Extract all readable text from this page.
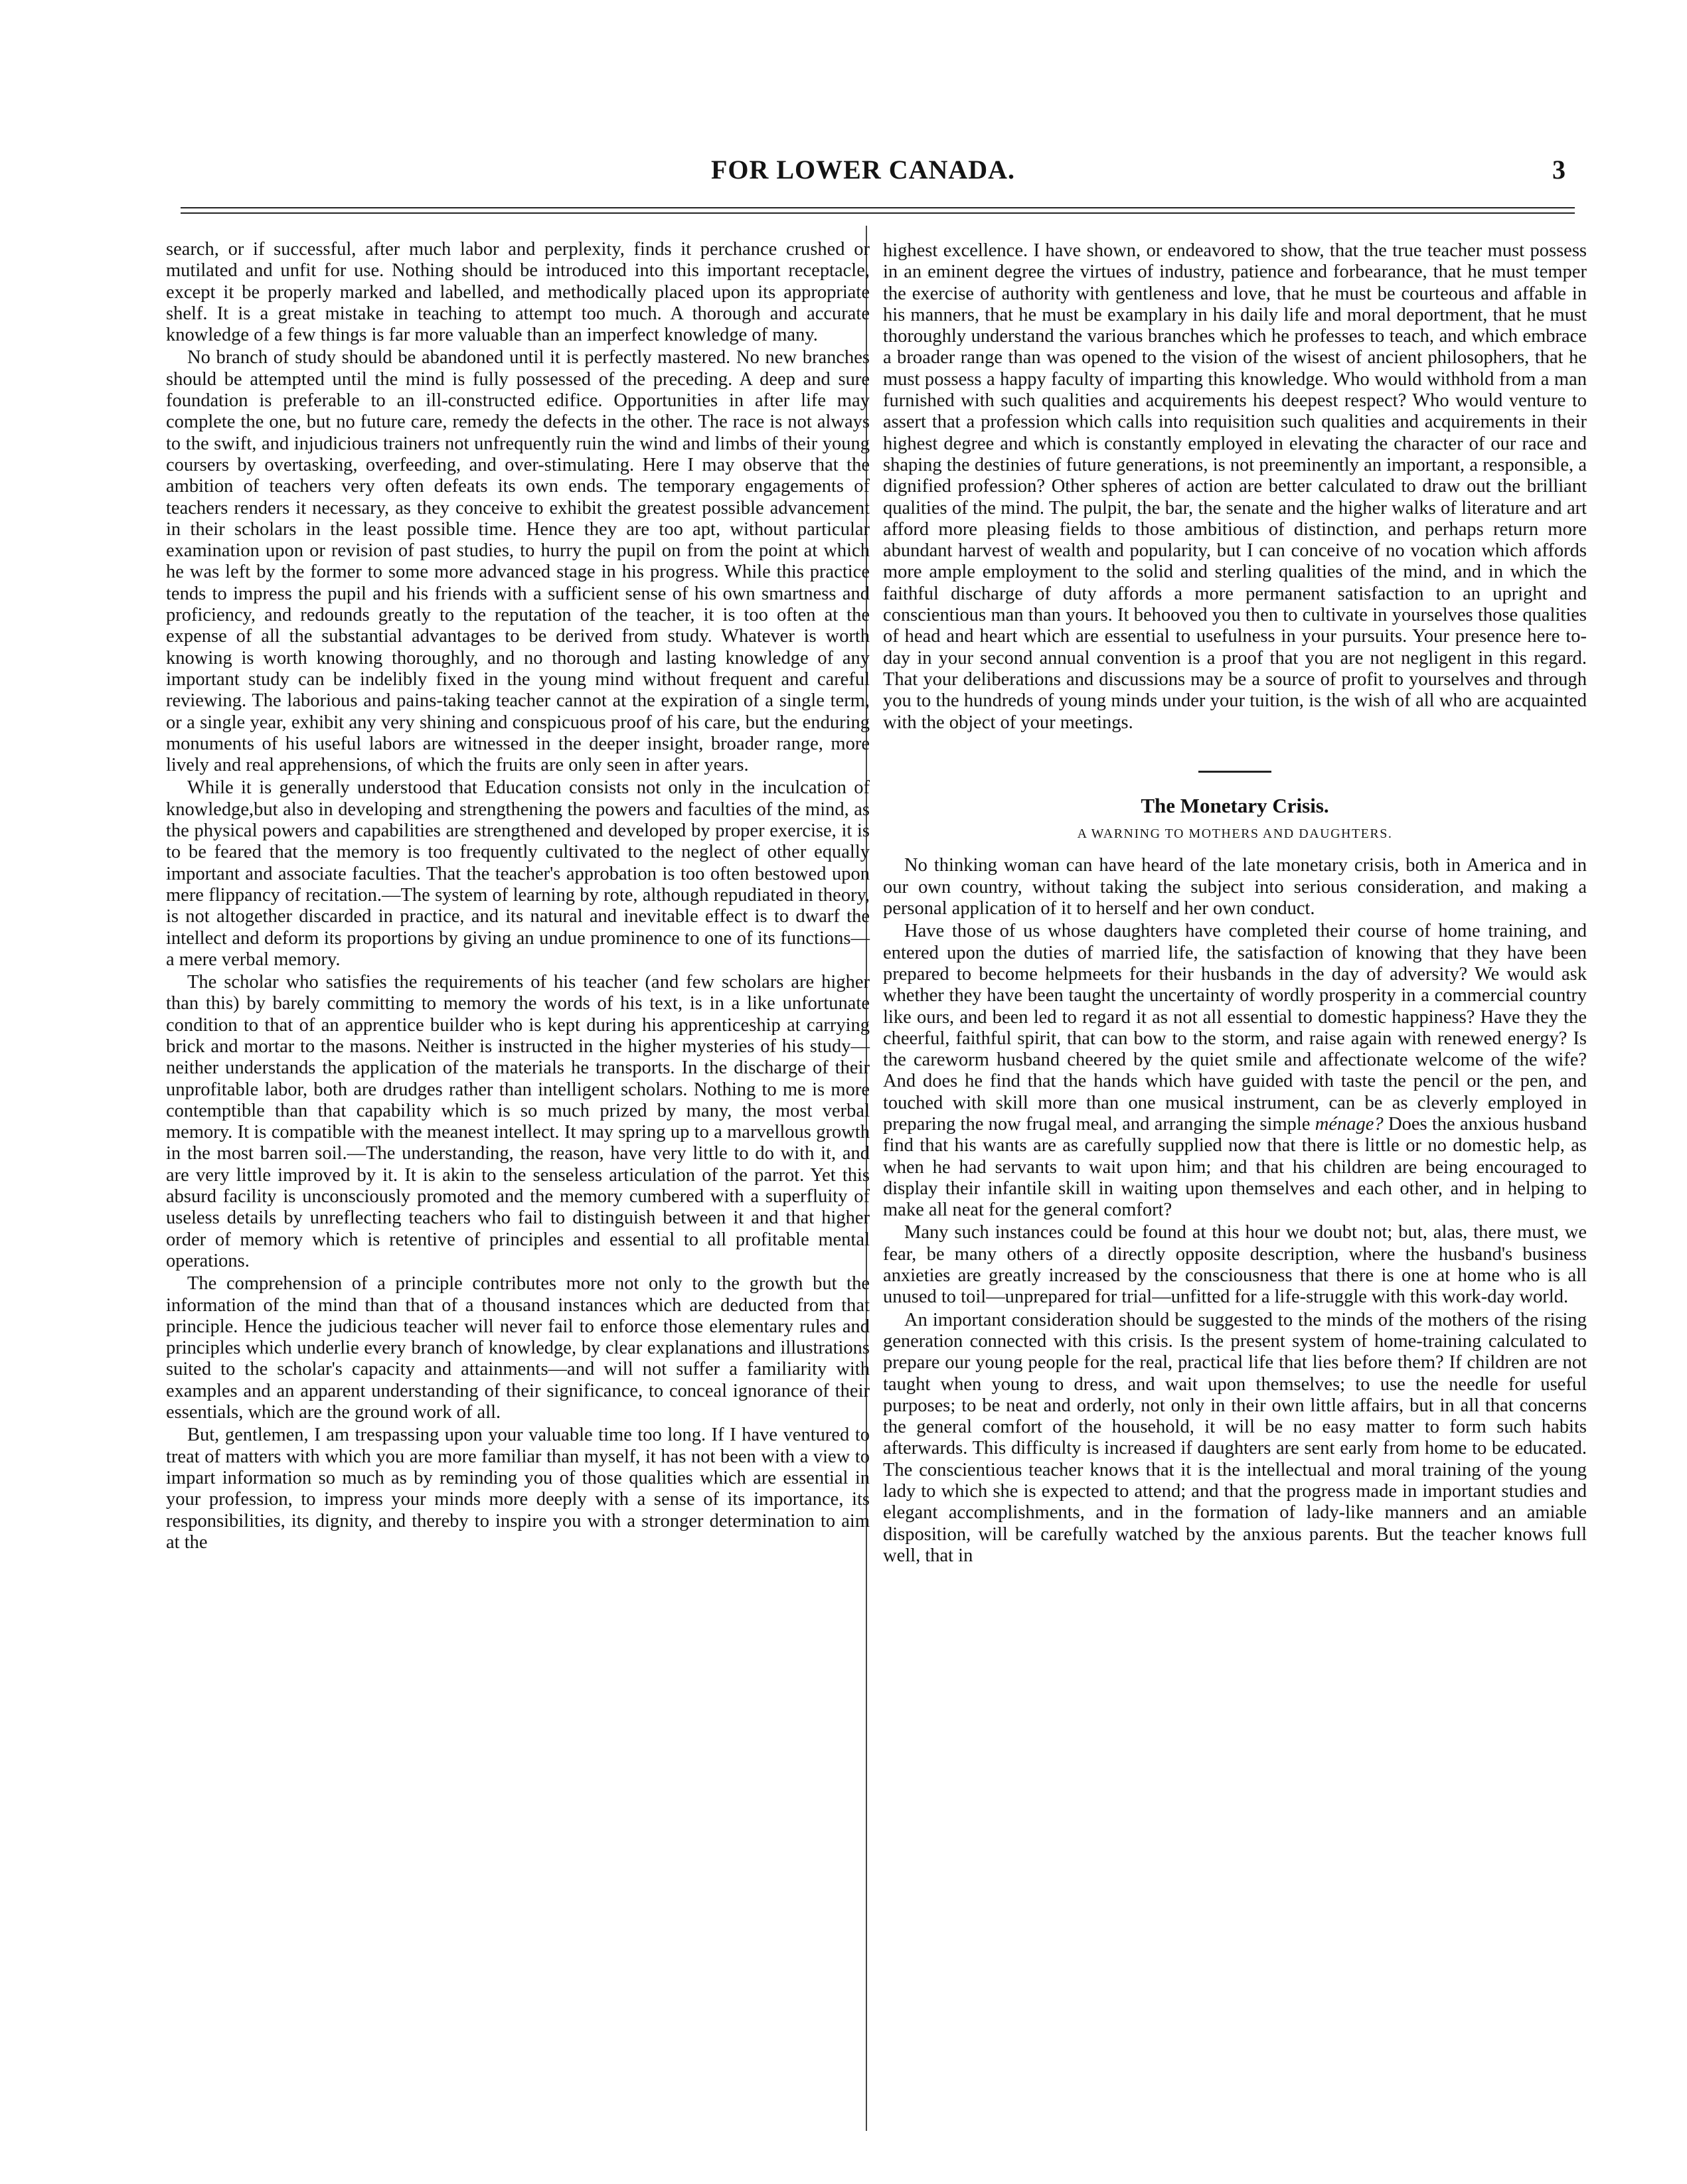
FOR LOWER CANADA.	3

search, or if successful, after much labor and perplexity, finds it perchance crushed or mutilated and unfit for use. Nothing should be introduced into this important receptacle, except it be properly marked and labelled, and methodically placed upon its appropriate shelf. It is a great mistake in teaching to attempt too much. A thorough and accurate knowledge of a few things is far more valuable than an imperfect knowledge of many.

No branch of study should be abandoned until it is perfectly mastered. No new branches should be attempted until the mind is fully possessed of the preceding. A deep and sure foundation is preferable to an ill-constructed edifice. Opportunities in after life may complete the one, but no future care, remedy the defects in the other. The race is not always to the swift, and injudicious trainers not unfrequently ruin the wind and limbs of their young coursers by overtasking, overfeeding, and over-stimulating. Here I may observe that the ambition of teachers very often defeats its own ends. The temporary engagements of teachers renders it necessary, as they conceive to exhibit the greatest possible advancement in their scholars in the least possible time. Hence they are too apt, without particular examination upon or revision of past studies, to hurry the pupil on from the point at which he was left by the former to some more advanced stage in his progress. While this practice tends to impress the pupil and his friends with a sufficient sense of his own smartness and proficiency, and redounds greatly to the reputation of the teacher, it is too often at the expense of all the substantial advantages to be derived from study. Whatever is worth knowing is worth knowing thoroughly, and no thorough and lasting knowledge of any important study can be indelibly fixed in the young mind without frequent and careful reviewing. The laborious and pains-taking teacher cannot at the expiration of a single term, or a single year, exhibit any very shining and conspicuous proof of his care, but the enduring monuments of his useful labors are witnessed in the deeper insight, broader range, more lively and real apprehensions, of which the fruits are only seen in after years.

While it is generally understood that Education consists not only in the inculcation of knowledge,but also in developing and strengthening the powers and faculties of the mind, as the physical powers and capabilities are strengthened and developed by proper exercise, it is to be feared that the memory is too frequently cultivated to the neglect of other equally important and associate faculties. That the teacher's approbation is too often bestowed upon mere flippancy of recitation.—The system of learning by rote, although repudiated in theory, is not altogether discarded in practice, and its natural and inevitable effect is to dwarf the intellect and deform its proportions by giving an undue prominence to one of its functions—a mere verbal memory.

The scholar who satisfies the requirements of his teacher (and few scholars are higher than this) by barely committing to memory the words of his text, is in a like unfortunate condition to that of an apprentice builder who is kept during his apprenticeship at carrying brick and mortar to the masons. Neither is instructed in the higher mysteries of his study—neither understands the application of the materials he transports. In the discharge of their unprofitable labor, both are drudges rather than intelligent scholars. Nothing to me is more contemptible than that capability which is so much prized by many, the most verbal memory. It is compatible with the meanest intellect. It may spring up to a marvellous growth in the most barren soil.—The understanding, the reason, have very little to do with it, and are very little improved by it. It is akin to the senseless articulation of the parrot. Yet this absurd facility is unconsciously promoted and the memory cumbered with a superfluity of useless details by unreflecting teachers who fail to distinguish between it and that higher order of memory which is retentive of principles and essential to all profitable mental operations.

The comprehension of a principle contributes more not only to the growth but the information of the mind than that of a thousand instances which are deducted from that principle. Hence the judicious teacher will never fail to enforce those elementary rules and principles which underlie every branch of knowledge, by clear explanations and illustrations suited to the scholar's capacity and attainments—and will not suffer a familiarity with examples and an apparent understanding of their significance, to conceal ignorance of their essentials, which are the ground work of all.

But, gentlemen, I am trespassing upon your valuable time too long. If I have ventured to treat of matters with which you are more familiar than myself, it has not been with a view to impart information so much as by reminding you of those qualities which are essential in your profession, to impress your minds more deeply with a sense of its importance, its responsibilities, its dignity, and thereby to inspire you with a stronger determination to aim at the

highest excellence. I have shown, or endeavored to show, that the true teacher must possess in an eminent degree the virtues of industry, patience and forbearance, that he must temper the exercise of authority with gentleness and love, that he must be courteous and affable in his manners, that he must be examplary in his daily life and moral deportment, that he must thoroughly understand the various branches which he professes to teach, and which embrace a broader range than was opened to the vision of the wisest of ancient philosophers, that he must possess a happy faculty of imparting this knowledge. Who would withhold from a man furnished with such qualities and acquirements his deepest respect? Who would venture to assert that a profession which calls into requisition such qualities and acquirements in their highest degree and which is constantly employed in elevating the character of our race and shaping the destinies of future generations, is not preeminently an important, a responsible, a dignified profession? Other spheres of action are better calculated to draw out the brilliant qualities of the mind. The pulpit, the bar, the senate and the higher walks of literature and art afford more pleasing fields to those ambitious of distinction, and perhaps return more abundant harvest of wealth and popularity, but I can conceive of no vocation which affords more ample employment to the solid and sterling qualities of the mind, and in which the faithful discharge of duty affords a more permanent satisfaction to an upright and conscientious man than yours. It behooved you then to cultivate in yourselves those qualities of head and heart which are essential to usefulness in your pursuits. Your presence here to-day in your second annual convention is a proof that you are not negligent in this regard. That your deliberations and discussions may be a source of profit to yourselves and through you to the hundreds of young minds under your tuition, is the wish of all who are acquainted with the object of your meetings.

The Monetary Crisis.
A WARNING TO MOTHERS AND DAUGHTERS.

No thinking woman can have heard of the late monetary crisis, both in America and in our own country, without taking the subject into serious consideration, and making a personal application of it to herself and her own conduct.

Have those of us whose daughters have completed their course of home training, and entered upon the duties of married life, the satisfaction of knowing that they have been prepared to become helpmeets for their husbands in the day of adversity? We would ask whether they have been taught the uncertainty of wordly prosperity in a commercial country like ours, and been led to regard it as not all essential to domestic happiness? Have they the cheerful, faithful spirit, that can bow to the storm, and raise again with renewed energy? Is the careworm husband cheered by the quiet smile and affectionate welcome of the wife? And does he find that the hands which have guided with taste the pencil or the pen, and touched with skill more than one musical instrument, can be as cleverly employed in preparing the now frugal meal, and arranging the simple ménage? Does the anxious husband find that his wants are as carefully supplied now that there is little or no domestic help, as when he had servants to wait upon him; and that his children are being encouraged to display their infantile skill in waiting upon themselves and each other, and in helping to make all neat for the general comfort?

Many such instances could be found at this hour we doubt not; but, alas, there must, we fear, be many others of a directly opposite description, where the husband's business anxieties are greatly increased by the consciousness that there is one at home who is all unused to toil—unprepared for trial—unfitted for a life-struggle with this work-day world.

An important consideration should be suggested to the minds of the mothers of the rising generation connected with this crisis. Is the present system of home-training calculated to prepare our young people for the real, practical life that lies before them? If children are not taught when young to dress, and wait upon themselves; to use the needle for useful purposes; to be neat and orderly, not only in their own little affairs, but in all that concerns the general comfort of the household, it will be no easy matter to form such habits afterwards. This difficulty is increased if daughters are sent early from home to be educated. The conscientious teacher knows that it is the intellectual and moral training of the young lady to which she is expected to attend; and that the progress made in important studies and elegant accomplishments, and in the formation of lady-like manners and an amiable disposition, will be carefully watched by the anxious parents. But the teacher knows full well, that in
